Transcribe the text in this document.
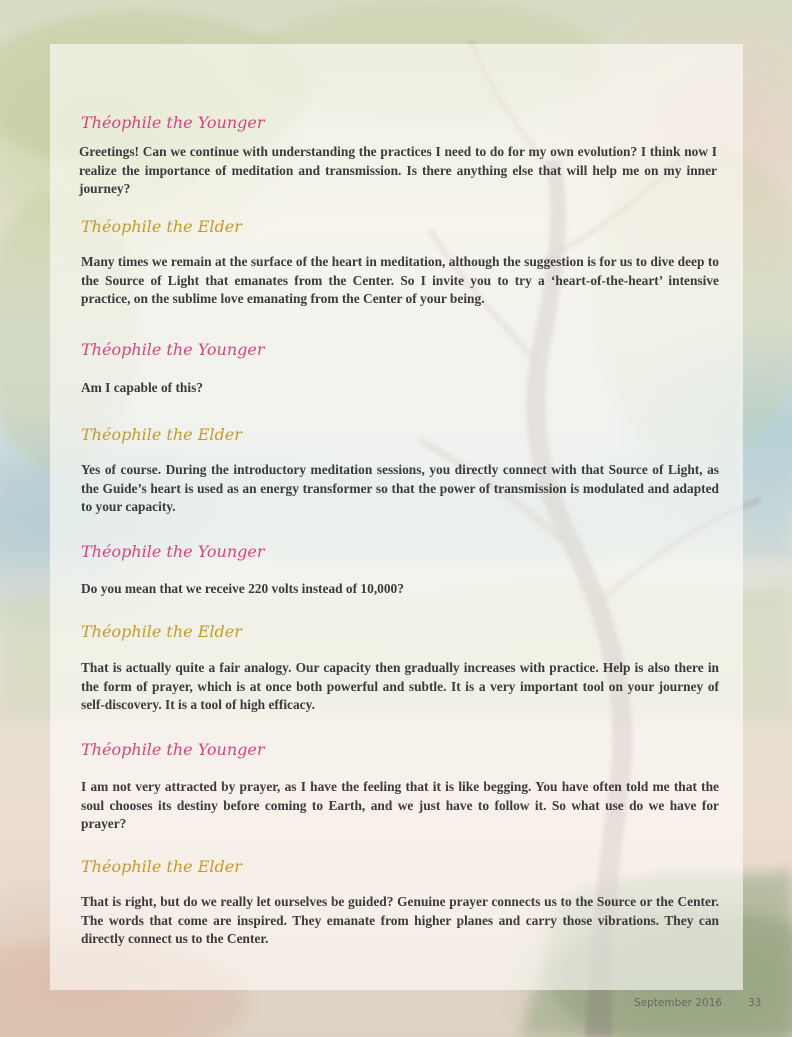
Théophile the Younger

Greetings! Can we continue with understanding the practices I need to do for my own evolution? I think now I realize the importance of meditation and transmission. Is there anything else that will help me on my inner journey?

Théophile the Elder

Many times we remain at the surface of the heart in meditation, although the suggestion is for us to dive deep to the Source of Light that emanates from the Center. So I invite you to try a ‘heart-of-the-heart’ intensive practice, on the sublime love emanating from the Center of your being.

Théophile the Younger

Am I capable of this?

Théophile the Elder

Yes of course. During the introductory meditation sessions, you directly connect with that Source of Light, as the Guide’s heart is used as an energy transformer so that the power of transmission is modulated and adapted to your capacity.

Théophile the Younger

Do you mean that we receive 220 volts instead of 10,000?

Théophile the Elder

That is actually quite a fair analogy. Our capacity then gradually increases with practice. Help is also there in the form of prayer, which is at once both powerful and subtle. It is a very important tool on your journey of self-discovery. It is a tool of high efficacy.

Théophile the Younger

I am not very attracted by prayer, as I have the feeling that it is like begging. You have often told me that the soul chooses its destiny before coming to Earth, and we just have to follow it. So what use do we have for prayer?

Théophile the Elder

That is right, but do we really let ourselves be guided? Genuine prayer connects us to the Source or the Center. The words that come are inspired. They emanate from higher planes and carry those vibrations. They can directly connect us to the Center.

September 2016 33
